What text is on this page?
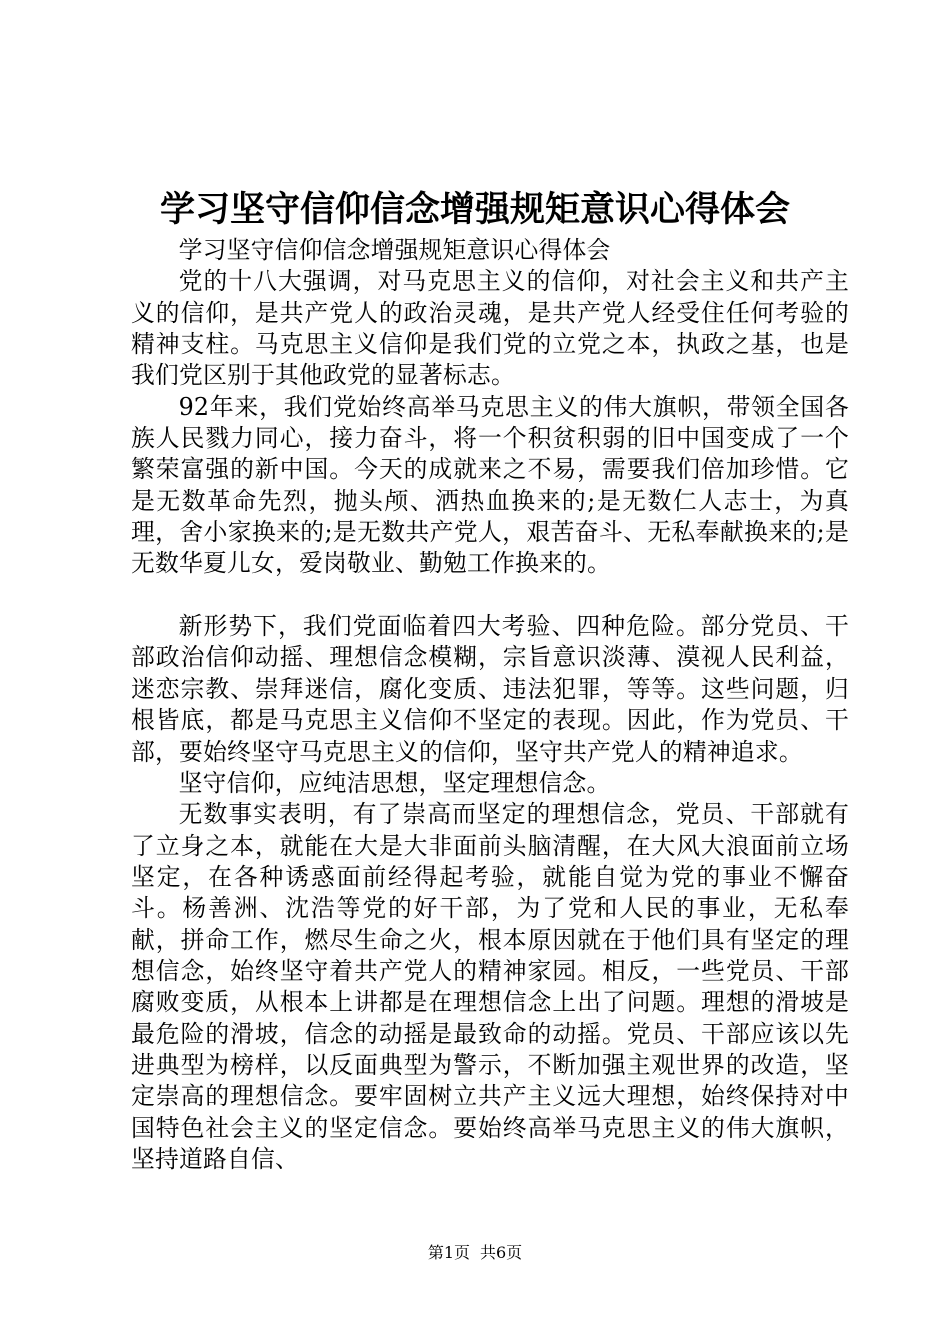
学习坚守信仰信念增强规矩意识心得体会

学习坚守信仰信念增强规矩意识心得体会

党的十八大强调，对马克思主义的信仰，对社会主义和共产主义的信仰，是共产党人的政治灵魂，是共产党人经受住任何考验的精神支柱。马克思主义信仰是我们党的立党之本，执政之基，也是我们党区别于其他政党的显著标志。

92年来，我们党始终高举马克思主义的伟大旗帜，带领全国各族人民戮力同心，接力奋斗，将一个积贫积弱的旧中国变成了一个繁荣富强的新中国。今天的成就来之不易，需要我们倍加珍惜。它是无数革命先烈，抛头颅、洒热血换来的;是无数仁人志士，为真理，舍小家换来的;是无数共产党人，艰苦奋斗、无私奉献换来的;是无数华夏儿女，爱岗敬业、勤勉工作换来的。

新形势下，我们党面临着四大考验、四种危险。部分党员、干部政治信仰动摇、理想信念模糊，宗旨意识淡薄、漠视人民利益，迷恋宗教、崇拜迷信，腐化变质、违法犯罪，等等。这些问题，归根皆底，都是马克思主义信仰不坚定的表现。因此，作为党员、干部，要始终坚守马克思主义的信仰，坚守共产党人的精神追求。

坚守信仰，应纯洁思想，坚定理想信念。

无数事实表明，有了崇高而坚定的理想信念，党员、干部就有了立身之本，就能在大是大非面前头脑清醒，在大风大浪面前立场坚定，在各种诱惑面前经得起考验，就能自觉为党的事业不懈奋斗。杨善洲、沈浩等党的好干部，为了党和人民的事业，无私奉献，拼命工作，燃尽生命之火，根本原因就在于他们具有坚定的理想信念，始终坚守着共产党人的精神家园。相反，一些党员、干部腐败变质，从根本上讲都是在理想信念上出了问题。理想的滑坡是最危险的滑坡，信念的动摇是最致命的动摇。党员、干部应该以先进典型为榜样，以反面典型为警示，不断加强主观世界的改造，坚定崇高的理想信念。要牢固树立共产主义远大理想，始终保持对中国特色社会主义的坚定信念。要始终高举马克思主义的伟大旗帜，坚持道路自信、

第1页 共6页
